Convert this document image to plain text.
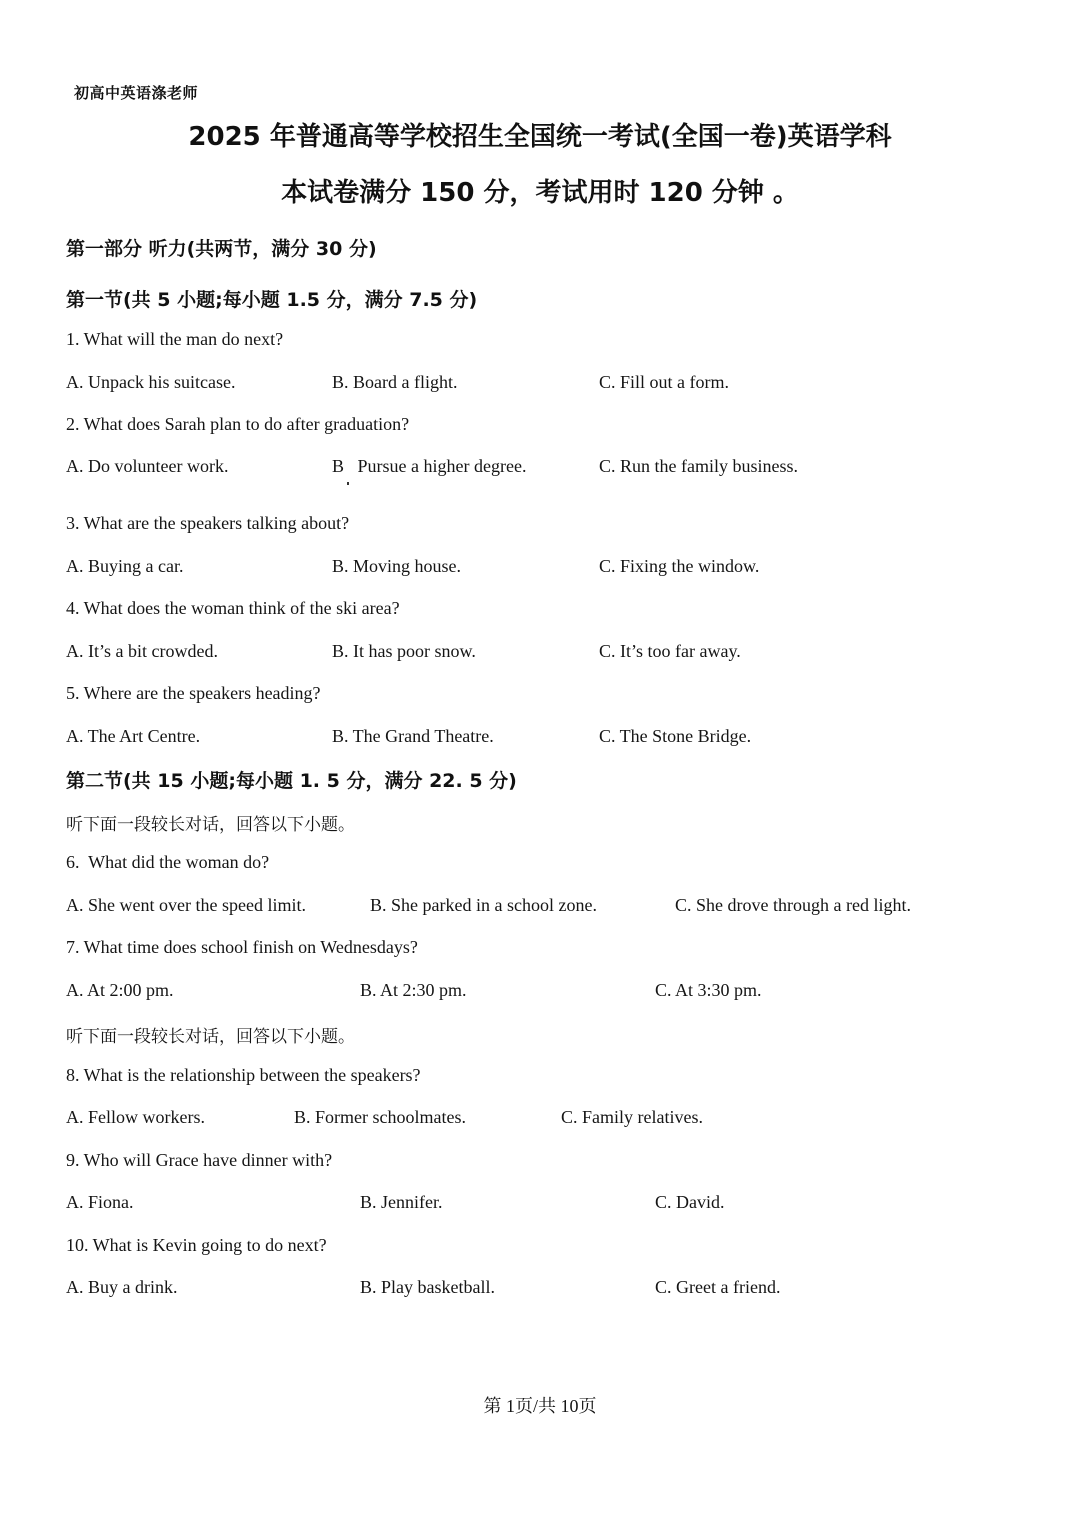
初高中英语涤老师
2025 年普通高等学校招生全国统一考试(全国一卷)英语学科
本试卷满分 150 分，考试用时 120 分钟 。
第一部分 听力(共两节，满分 30 分)
第一节(共 5 小题;每小题 1.5 分，满分 7.5 分)
1. What will the man do next?
A. Unpack his suitcase.	B. Board a flight.	C. Fill out a form.
2. What does Sarah plan to do after graduation?
A. Do volunteer work.	B   Pursue a higher degree.	C. Run the family business.
3. What are the speakers talking about?
A. Buying a car.	B. Moving house.	C. Fixing the window.
4. What does the woman think of the ski area?
A. It’s a bit crowded.	B. It has poor snow.	C. It’s too far away.
5. Where are the speakers heading?
A. The Art Centre.	B. The Grand Theatre.	C. The Stone Bridge.
第二节(共 15 小题;每小题 1. 5 分，满分 22. 5 分)
听下面一段较长对话，回答以下小题。
6.  What did the woman do?
A. She went over the speed limit.	B. She parked in a school zone.	C. She drove through a red light.
7. What time does school finish on Wednesdays?
A. At 2:00 pm.	B. At 2:30 pm.	C. At 3:30 pm.
听下面一段较长对话，回答以下小题。
8. What is the relationship between the speakers?
A. Fellow workers.	B. Former schoolmates.	C. Family relatives.
9. Who will Grace have dinner with?
A. Fiona.	B. Jennifer.	C. David.
10. What is Kevin going to do next?
A. Buy a drink.	B. Play basketball.	C. Greet a friend.
第 1页/共 10页
